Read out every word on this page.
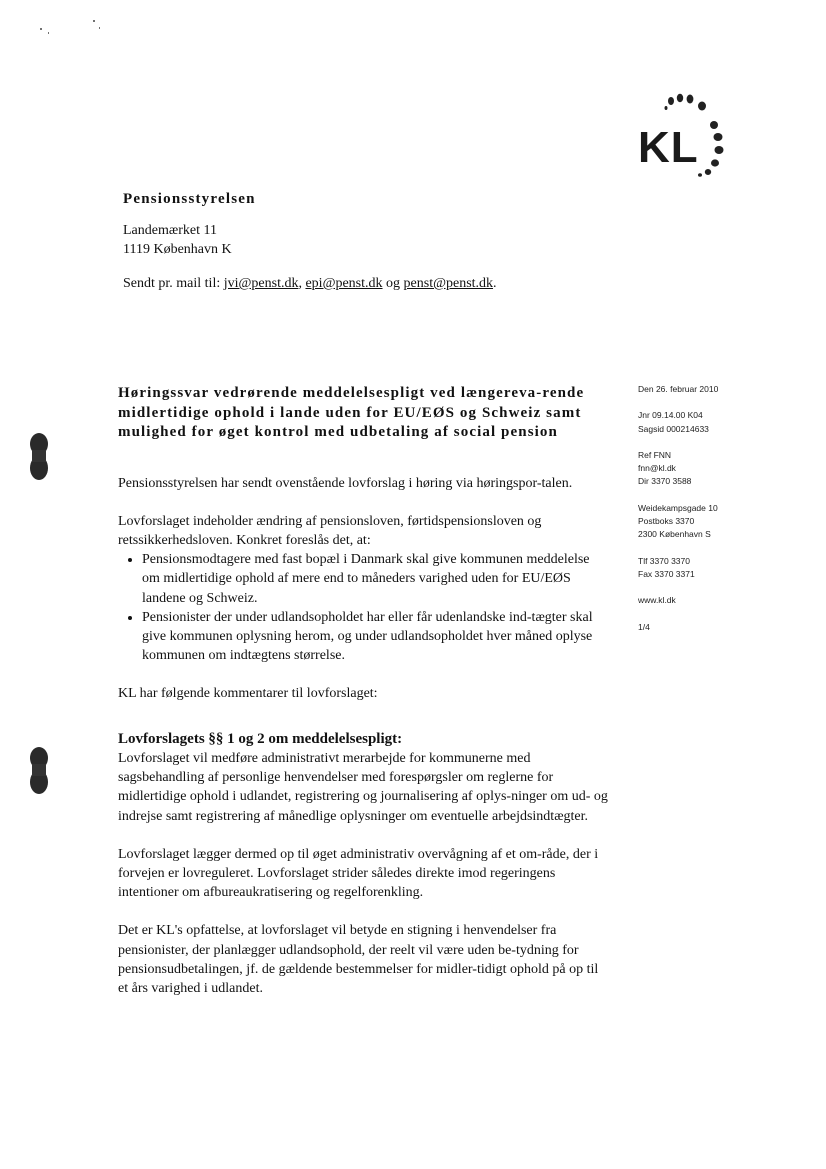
KL
Pensionsstyrelsen
Landemærket 11
1119 København K
Sendt pr. mail til: jvi@penst.dk, epi@penst.dk og penst@penst.dk.
Den 26. februar 2010
Jnr 09.14.00 K04
Sagsid 000214633
Ref FNN
fnn@kl.dk
Dir 3370 3588
Weidekampsgade 10
Postboks 3370
2300 København S
Tlf 3370 3370
Fax 3370 3371
www.kl.dk
1/4
Høringssvar vedrørende meddelelsespligt ved længereva-rende midlertidige ophold i lande uden for EU/EØS og Schweiz samt mulighed for øget kontrol med udbetaling af social pension

Pensionsstyrelsen har sendt ovenstående lovforslag i høring via høringspor-talen.

Lovforslaget indeholder ændring af pensionsloven, førtidspensionsloven og retssikkerhedsloven. Konkret foreslås det, at:

• Pensionsmodtagere med fast bopæl i Danmark skal give kommunen meddelelse om midlertidige ophold af mere end to måneders varighed uden for EU/EØS landene og Schweiz.
• Pensionister der under udlandsopholdet har eller får udenlandske ind-tægter skal give kommunen oplysning herom, og under udlandsopholdet hver måned oplyse kommunen om indtægtens størrelse.

KL har følgende kommentarer til lovforslaget:

Lovforslagets §§ 1 og 2 om meddelelsespligt:

Lovforslaget vil medføre administrativt merarbejde for kommunerne med sagsbehandling af personlige henvendelser med forespørgsler om reglerne for midlertidige ophold i udlandet, registrering og journalisering af oplys-ninger om ud- og indrejse samt registrering af månedlige oplysninger om eventuelle arbejdsindtægter.

Lovforslaget lægger dermed op til øget administrativ overvågning af et om-råde, der i forvejen er lovreguleret. Lovforslaget strider således direkte imod regeringens intentioner om afbureaukratisering og regelforenkling.

Det er KL's opfattelse, at lovforslaget vil betyde en stigning i henvendelser fra pensionister, der planlægger udlandsophold, der reelt vil være uden be-tydning for pensionsudbetalingen, jf. de gældende bestemmelser for midler-tidigt ophold på op til et års varighed i udlandet.
